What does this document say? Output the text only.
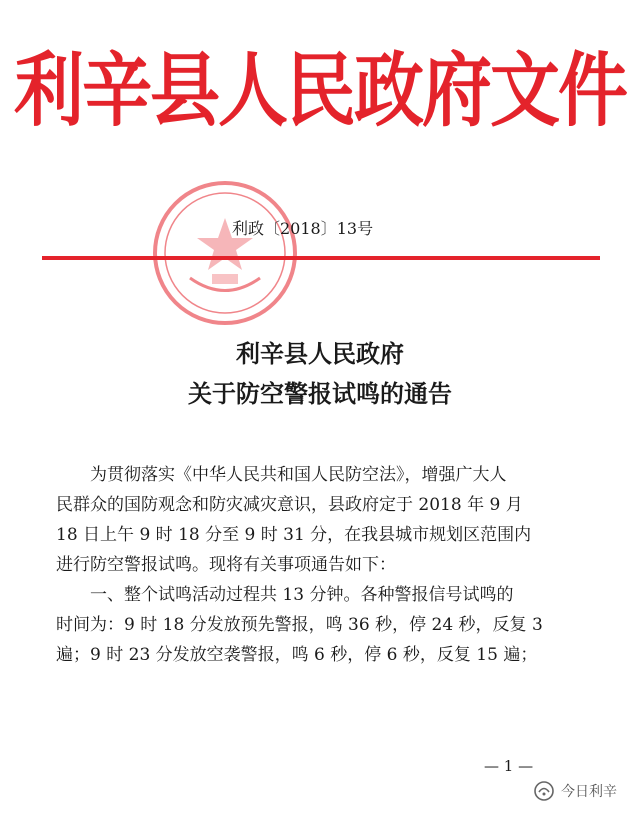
利辛县人民政府文件
利政〔2018〕13号
利辛县人民政府
关于防空警报试鸣的通告

为贯彻落实《中华人民共和国人民防空法》，增强广大人

民群众的国防观念和防灾减灾意识，县政府定于 2018 年 9 月

18 日上午 9 时 18 分至 9 时 31 分，在我县城市规划区范围内

进行防空警报试鸣。现将有关事项通告如下：

一、整个试鸣活动过程共 13 分钟。各种警报信号试鸣的

时间为：9 时 18 分发放预先警报，鸣 36 秒，停 24 秒，反复 3

遍；9 时 23 分发放空袭警报，鸣 6 秒，停 6 秒，反复 15 遍；

— 1 —
今日利辛
